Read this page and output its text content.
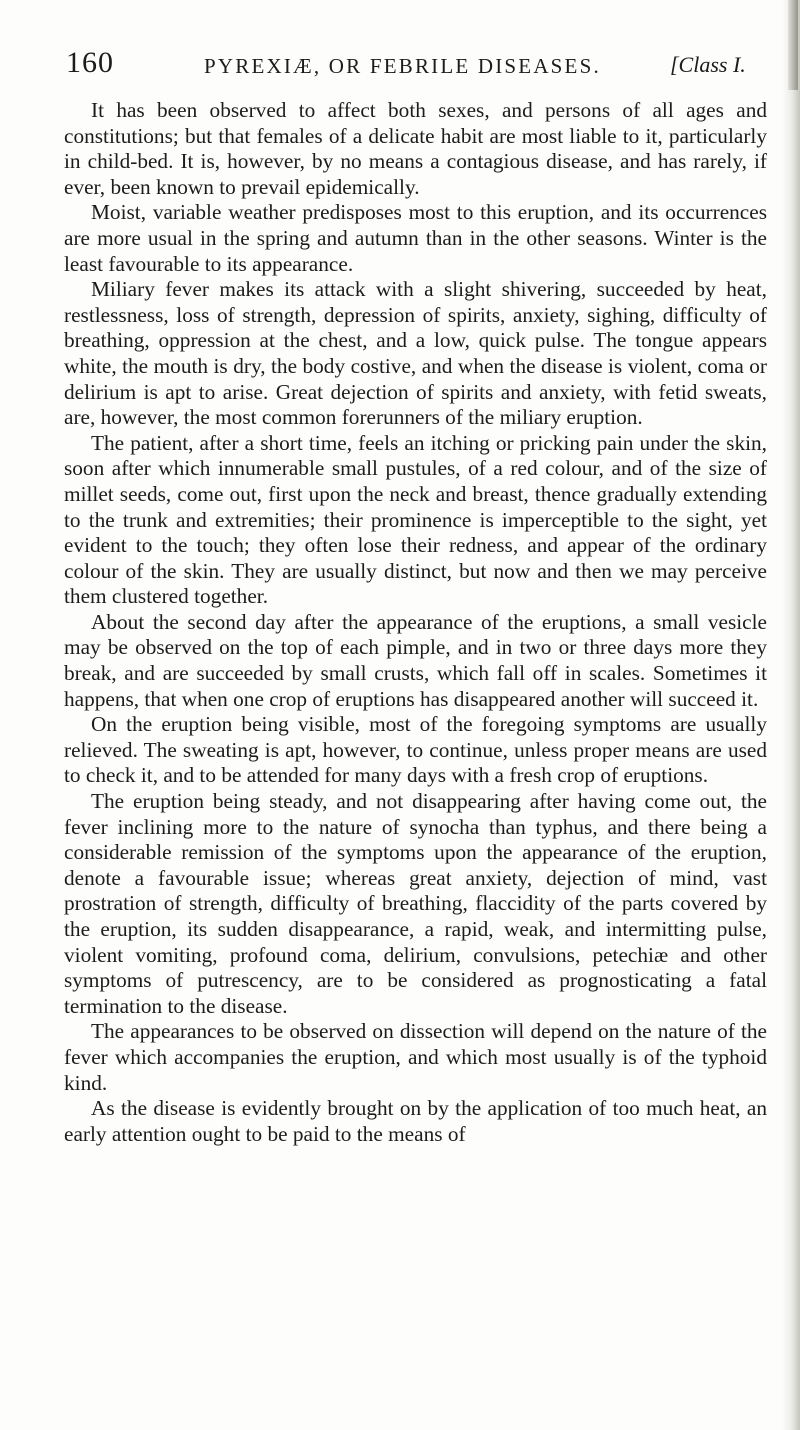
160	PYREXIÆ, OR FEBRILE DISEASES.	[Class I.

It has been observed to affect both sexes, and persons of all ages and constitutions; but that females of a delicate habit are most liable to it, particularly in child-bed. It is, however, by no means a contagious disease, and has rarely, if ever, been known to prevail epidemically.

Moist, variable weather predisposes most to this eruption, and its occurrences are more usual in the spring and autumn than in the other seasons. Winter is the least favourable to its appearance.

Miliary fever makes its attack with a slight shivering, succeeded by heat, restlessness, loss of strength, depression of spirits, anxiety, sighing, difficulty of breathing, oppression at the chest, and a low, quick pulse. The tongue appears white, the mouth is dry, the body costive, and when the disease is violent, coma or delirium is apt to arise. Great dejection of spirits and anxiety, with fetid sweats, are, however, the most common forerunners of the miliary eruption.

The patient, after a short time, feels an itching or pricking pain under the skin, soon after which innumerable small pustules, of a red colour, and of the size of millet seeds, come out, first upon the neck and breast, thence gradually extending to the trunk and extremities; their prominence is imperceptible to the sight, yet evident to the touch; they often lose their redness, and appear of the ordinary colour of the skin. They are usually distinct, but now and then we may perceive them clustered together.

About the second day after the appearance of the eruptions, a small vesicle may be observed on the top of each pimple, and in two or three days more they break, and are succeeded by small crusts, which fall off in scales. Sometimes it happens, that when one crop of eruptions has disappeared another will succeed it.

On the eruption being visible, most of the foregoing symptoms are usually relieved. The sweating is apt, however, to continue, unless proper means are used to check it, and to be attended for many days with a fresh crop of eruptions.

The eruption being steady, and not disappearing after having come out, the fever inclining more to the nature of synocha than typhus, and there being a considerable remission of the symptoms upon the appearance of the eruption, denote a favourable issue; whereas great anxiety, dejection of mind, vast prostration of strength, difficulty of breathing, flaccidity of the parts covered by the eruption, its sudden disappearance, a rapid, weak, and intermitting pulse, violent vomiting, profound coma, delirium, convulsions, petechiæ and other symptoms of putrescency, are to be considered as prognosticating a fatal termination to the disease.

The appearances to be observed on dissection will depend on the nature of the fever which accompanies the eruption, and which most usually is of the typhoid kind.

As the disease is evidently brought on by the application of too much heat, an early attention ought to be paid to the means of
